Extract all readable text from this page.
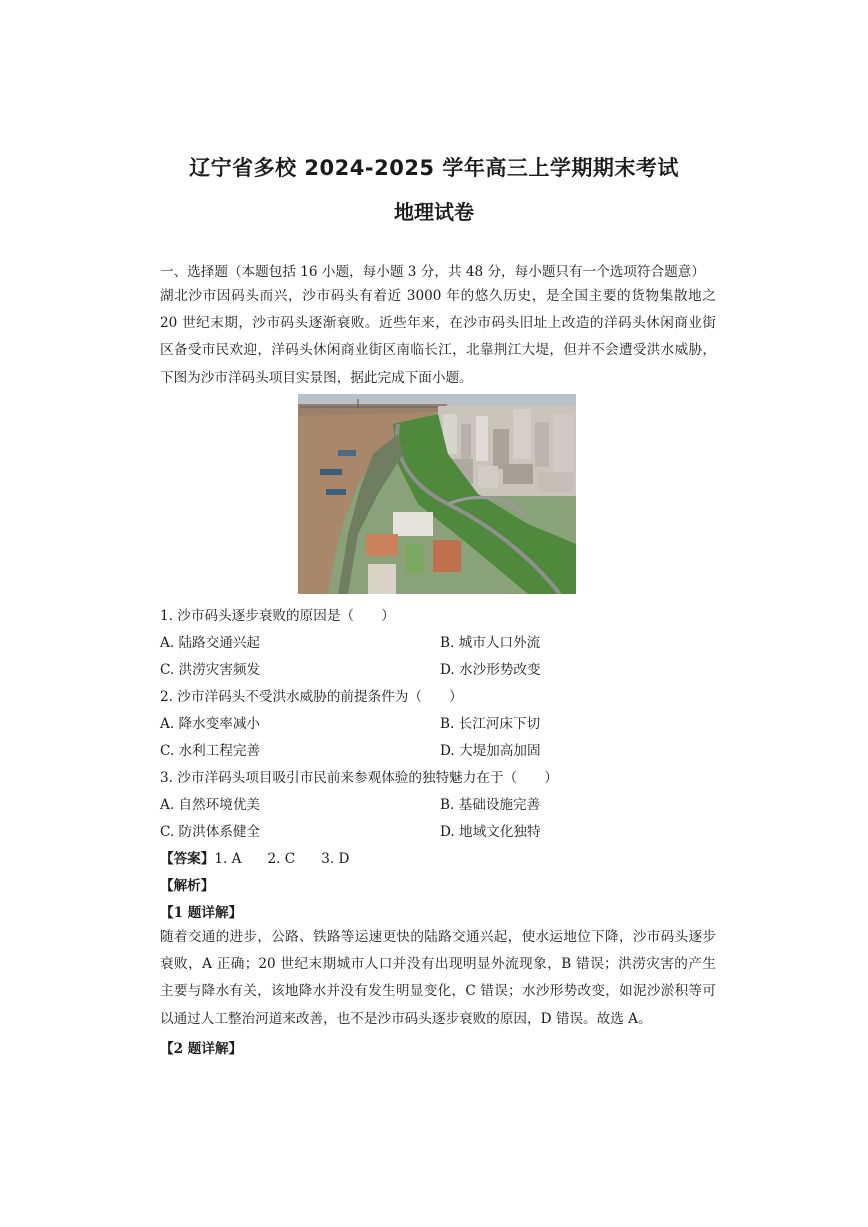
辽宁省多校 2024-2025 学年高三上学期期末考试
地理试卷
一、选择题（本题包括 16 小题，每小题 3 分，共 48 分，每小题只有一个选项符合题意）
湖北沙市因码头而兴，沙市码头有着近 3000 年的悠久历史，是全国主要的货物集散地之
20 世纪末期，沙市码头逐渐衰败。近些年来，在沙市码头旧址上改造的洋码头休闲商业街
区备受市民欢迎，洋码头休闲商业街区南临长江，北靠荆江大堤，但并不会遭受洪水威胁，
下图为沙市洋码头项目实景图，据此完成下面小题。
1. 沙市码头逐步衰败的原因是（　　）
A. 陆路交通兴起	B. 城市人口外流
C. 洪涝灾害频发	D. 水沙形势改变
2. 沙市洋码头不受洪水威胁的前提条件为（　　）
A. 降水变率减小	B. 长江河床下切
C. 水利工程完善	D. 大堤加高加固
3. 沙市洋码头项目吸引市民前来参观体验的独特魅力在于（　　）
A. 自然环境优美	B. 基础设施完善
C. 防洪体系健全	D. 地域文化独特
【答案】1. A 2. C 3. D
【解析】
【1 题详解】
随着交通的进步，公路、铁路等运速更快的陆路交通兴起，使水运地位下降，沙市码头逐步
衰败，A 正确；20 世纪末期城市人口并没有出现明显外流现象，B 错误；洪涝灾害的产生
主要与降水有关，该地降水并没有发生明显变化，C 错误；水沙形势改变，如泥沙淤积等可
以通过人工整治河道来改善，也不是沙市码头逐步衰败的原因，D 错误。故选 A。
【2 题详解】
